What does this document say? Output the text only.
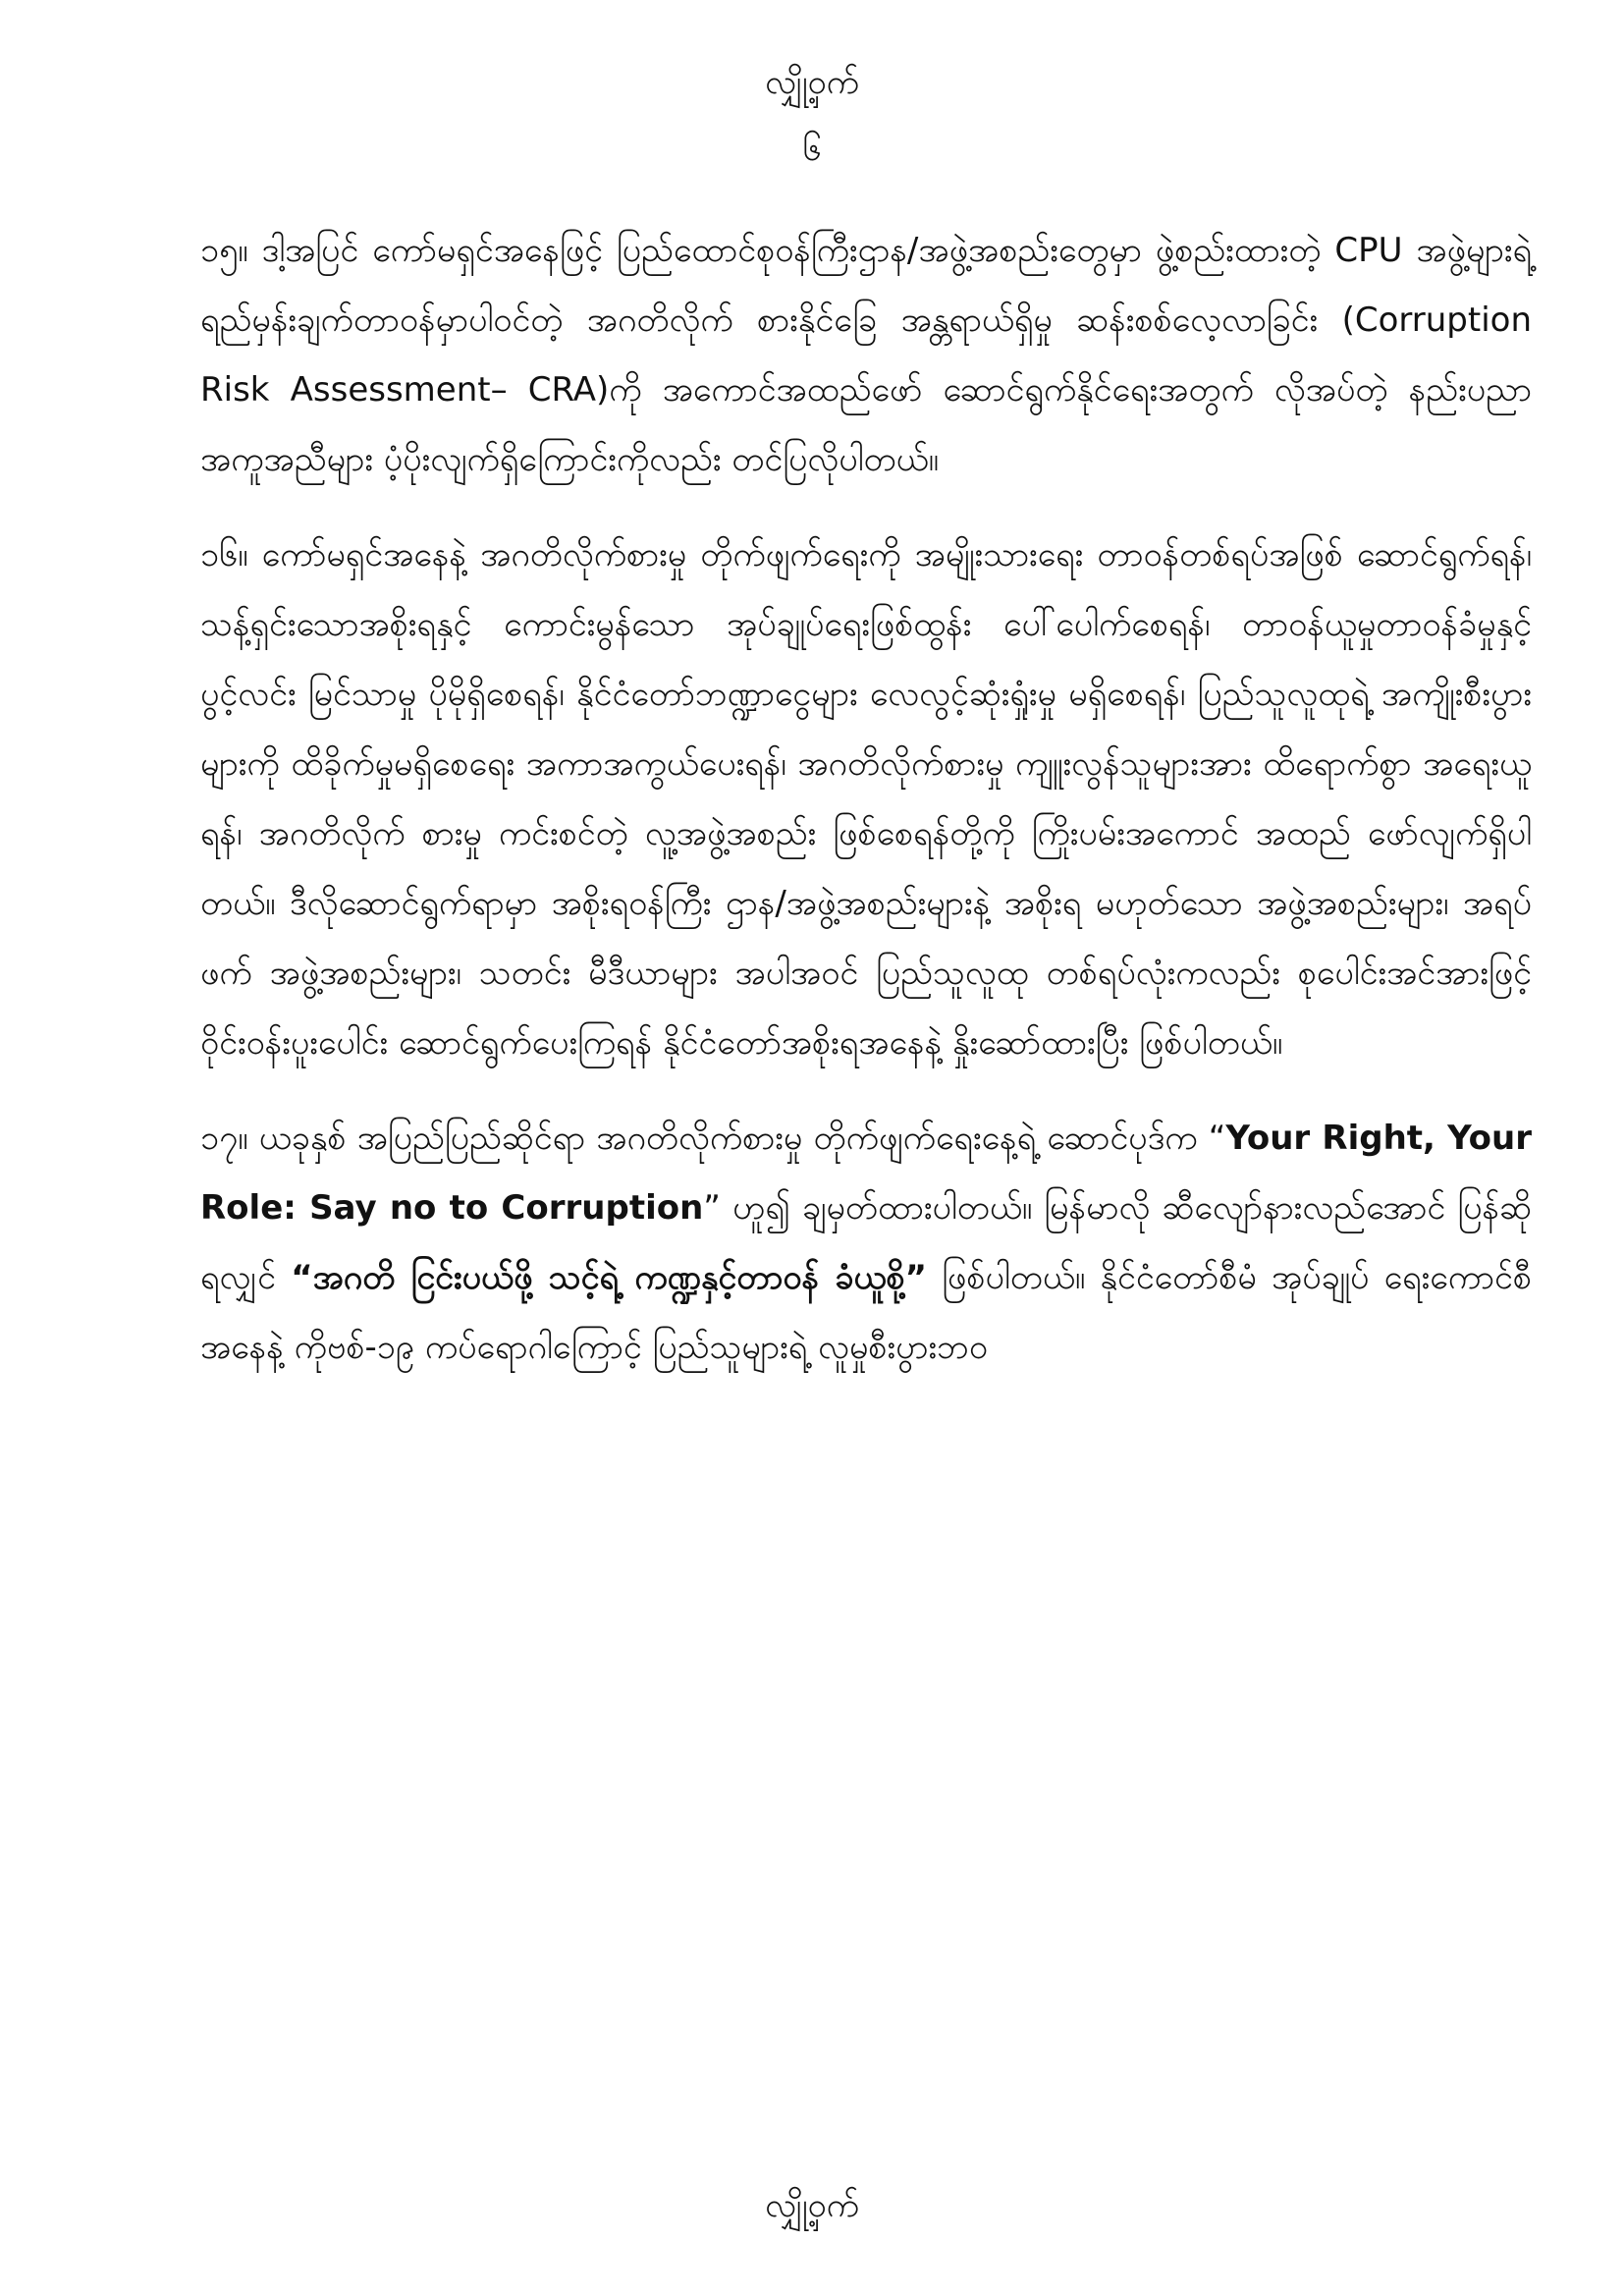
လျှို့ဝှက်
၆

၁၅။ ဒါ့အပြင် ကော်မရှင်အနေဖြင့် ပြည်ထောင်စုဝန်ကြီးဌာန/အဖွဲ့အစည်းတွေမှာ ဖွဲ့စည်းထားတဲ့ CPU အဖွဲ့များရဲ့ ရည်မှန်းချက်တာဝန်မှာပါဝင်တဲ့ အဂတိလိုက် စားနိုင်ခြေ အန္တရာယ်ရှိမှု ဆန်းစစ်လေ့လာခြင်း (Corruption Risk Assessment– CRA)ကို အကောင်အထည်ဖော် ဆောင်ရွက်နိုင်ရေးအတွက် လိုအပ်တဲ့ နည်းပညာ အကူအညီများ ပံ့ပိုးလျက်ရှိကြောင်းကိုလည်း တင်ပြလိုပါတယ်။

၁၆။ ကော်မရှင်အနေနဲ့ အဂတိလိုက်စားမှု တိုက်ဖျက်ရေးကို အမျိုးသားရေး တာဝန်တစ်ရပ်အဖြစ် ဆောင်ရွက်ရန်၊ သန့်ရှင်းသောအစိုးရနှင့် ကောင်းမွန်သော အုပ်ချုပ်ရေးဖြစ်ထွန်း ပေါ်ပေါက်စေရန်၊ တာဝန်ယူမှုတာဝန်ခံမှုနှင့် ပွင့်လင်း မြင်သာမှု ပိုမိုရှိစေရန်၊ နိုင်ငံတော်ဘဏ္ဍာငွေများ လေလွင့်ဆုံးရှုံးမှု မရှိစေရန်၊ ပြည်သူလူထုရဲ့ အကျိုးစီးပွားများကို ထိခိုက်မှုမရှိစေရေး အကာအကွယ်ပေးရန်၊ အဂတိလိုက်စားမှု ကျူးလွန်သူများအား ထိရောက်စွာ အရေးယူရန်၊ အဂတိလိုက် စားမှု ကင်းစင်တဲ့ လူ့အဖွဲ့အစည်း ဖြစ်စေရန်တို့ကို ကြိုးပမ်းအကောင် အထည် ဖော်လျက်ရှိပါတယ်။ ဒီလိုဆောင်ရွက်ရာမှာ အစိုးရဝန်ကြီး ဌာန/အဖွဲ့အစည်းများနဲ့ အစိုးရ မဟုတ်သော အဖွဲ့အစည်းများ၊ အရပ်ဖက် အဖွဲ့အစည်းများ၊ သတင်း မီဒီယာများ အပါအဝင် ပြည်သူလူထု တစ်ရပ်လုံးကလည်း စုပေါင်းအင်အားဖြင့် ဝိုင်းဝန်းပူးပေါင်း ဆောင်ရွက်ပေးကြရန် နိုင်ငံတော်အစိုးရအနေနဲ့ နှိုးဆော်ထားပြီး ဖြစ်ပါတယ်။

၁၇။ ယခုနှစ် အပြည်ပြည်ဆိုင်ရာ အဂတိလိုက်စားမှု တိုက်ဖျက်ရေးနေ့ရဲ့ ဆောင်ပုဒ်က “Your Right, Your Role: Say no to Corruption” ဟူ၍ ချမှတ်ထားပါတယ်။ မြန်မာလို ဆီလျော်နားလည်အောင် ပြန်ဆိုရလျှင် “အဂတိ ငြင်းပယ်ဖို့ သင့်ရဲ့ ကဏ္ဍနှင့်တာဝန် ခံယူစို့” ဖြစ်ပါတယ်။ နိုင်ငံတော်စီမံ အုပ်ချုပ် ရေးကောင်စီအနေနဲ့ ကိုဗစ်-၁၉ ကပ်ရောဂါကြောင့် ပြည်သူများရဲ့ လူမှုစီးပွားဘဝ

လျှို့ဝှက်
